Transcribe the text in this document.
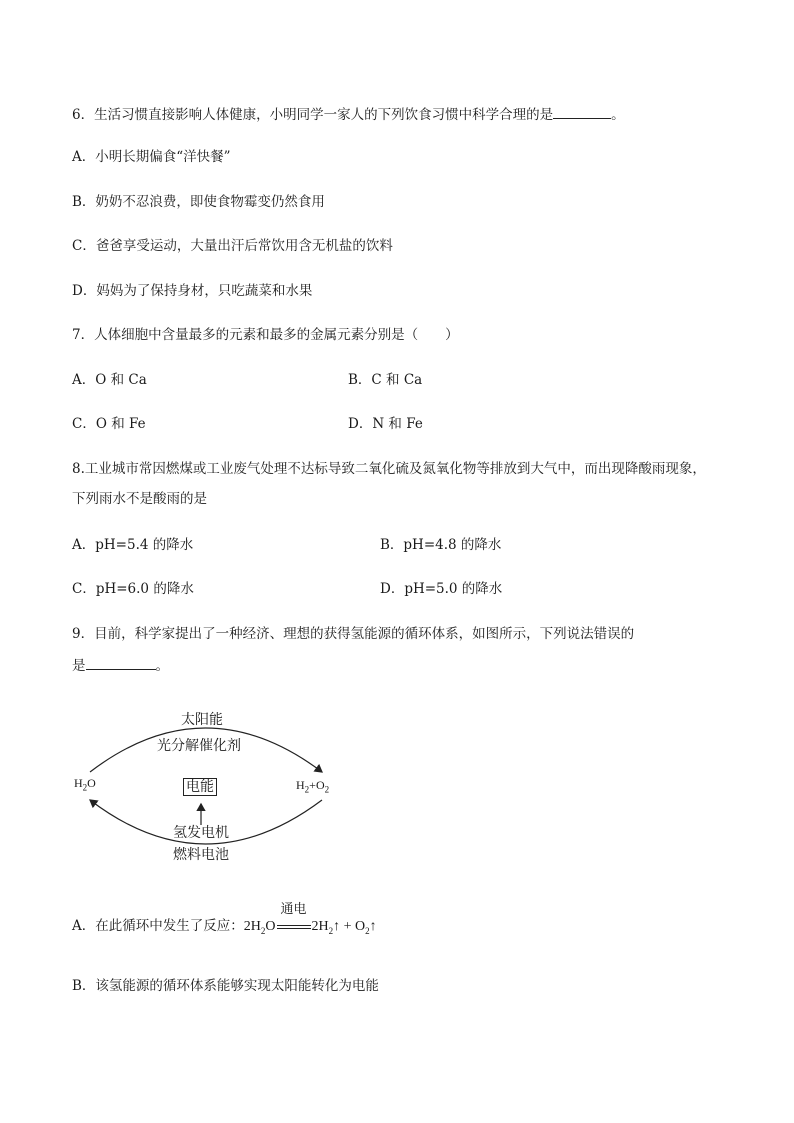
6．生活习惯直接影响人体健康，小明同学一家人的下列饮食习惯中科学合理的是	。
A．小明长期偏食“洋快餐”
B．奶奶不忍浪费，即使食物霉变仍然食用
C．爸爸享受运动，大量出汗后常饮用含无机盐的饮料
D．妈妈为了保持身材，只吃蔬菜和水果
7．人体细胞中含量最多的元素和最多的金属元素分别是（　　）
A．O 和 Ca	B．C 和 Ca
C．O 和 Fe	D．N 和 Fe
8.工业城市常因燃煤或工业废气处理不达标导致二氧化硫及氮氧化物等排放到大气中，而出现降酸雨现象，
下列雨水不是酸雨的是
A．pH=5.4 的降水	B．pH=4.8 的降水
C．pH=6.0 的降水	D．pH=5.0 的降水
9．目前，科学家提出了一种经济、理想的获得氢能源的循环体系，如图所示，下列说法错误的
是	。
太阳能
光分解催化剂
$H_2O$	电能	$H_2+O_2$
氢发电机
燃料电池
A．在此循环中发生了反应：$2H_2O$
通电
$2H_2↑$ + $O_2↑$
B．该氢能源的循环体系能够实现太阳能转化为电能
